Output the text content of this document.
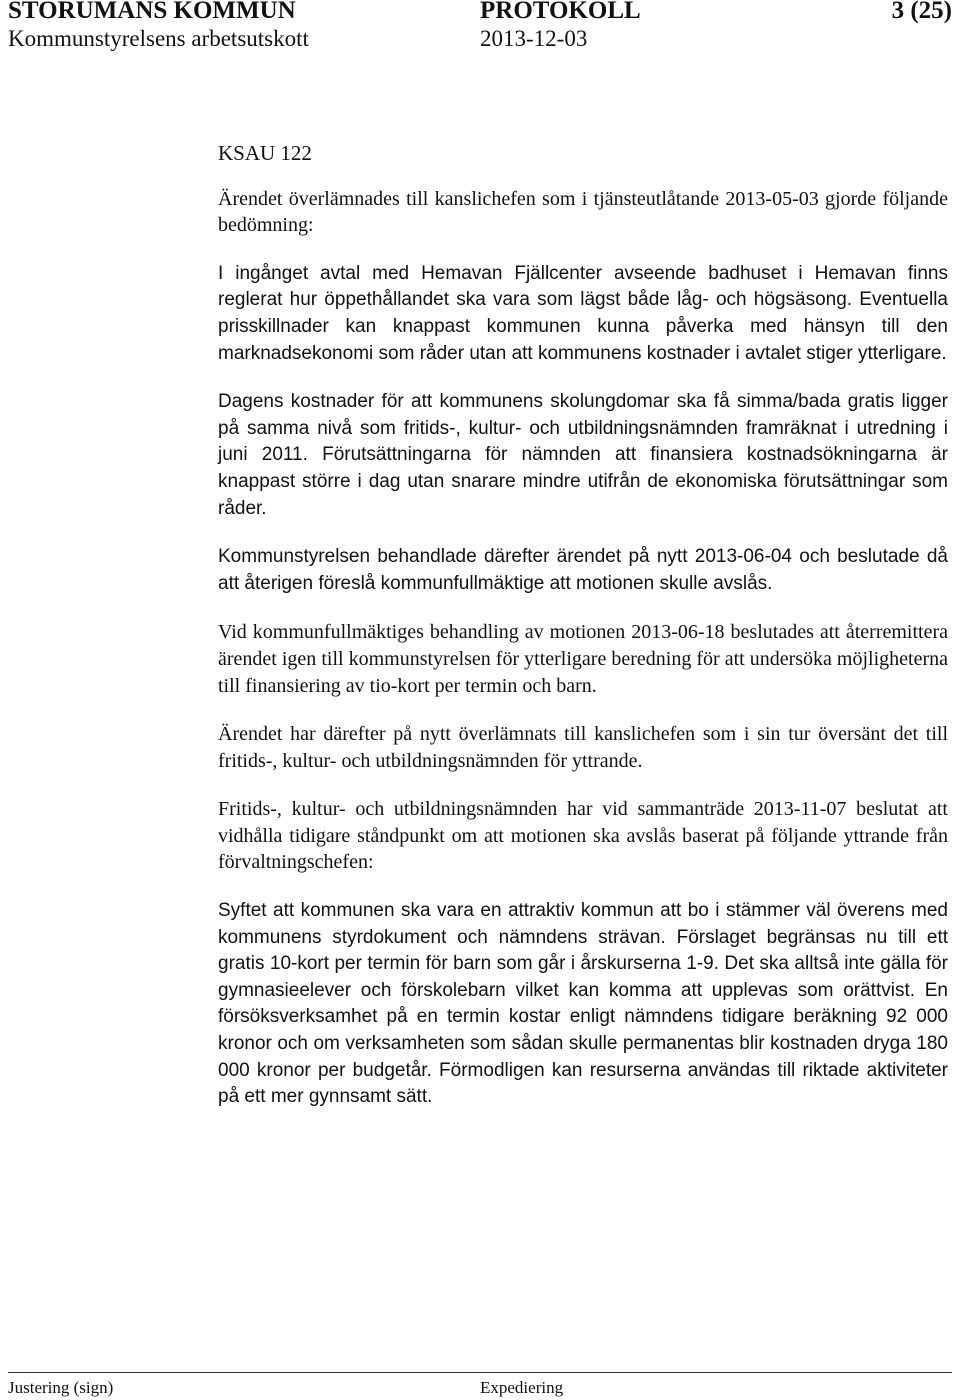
STORUMANS KOMMUN	PROTOKOLL	3 (25)
Kommunstyrelsens arbetsutskott	2013-12-03

KSAU 122

Ärendet överlämnades till kanslichefen som i tjänsteutlåtande 2013-05-03 gjorde följande bedömning:

I ingånget avtal med Hemavan Fjällcenter avseende badhuset i Hemavan finns reglerat hur öppethållandet ska vara som lägst både låg- och högsäsong. Eventuella prisskillnader kan knappast kommunen kunna påverka med hänsyn till den marknadsekonomi som råder utan att kommunens kostnader i avtalet stiger ytterligare.

Dagens kostnader för att kommunens skolungdomar ska få simma/bada gratis ligger på samma nivå som fritids-, kultur- och utbildningsnämnden framräknat i utredning i juni 2011. Förutsättningarna för nämnden att finansiera kostnadsökningarna är knappast större i dag utan snarare mindre utifrån de ekonomiska förutsättningar som råder.

Kommunstyrelsen behandlade därefter ärendet på nytt 2013-06-04 och beslutade då att återigen föreslå kommunfullmäktige att motionen skulle avslås.

Vid kommunfullmäktiges behandling av motionen 2013-06-18 beslutades att återremittera ärendet igen till kommunstyrelsen för ytterligare beredning för att undersöka möjligheterna till finansiering av tio-kort per termin och barn.

Ärendet har därefter på nytt överlämnats till kanslichefen som i sin tur översänt det till fritids-, kultur- och utbildningsnämnden för yttrande.

Fritids-, kultur- och utbildningsnämnden har vid sammanträde 2013-11-07 beslutat att vidhålla tidigare ståndpunkt om att motionen ska avslås baserat på följande yttrande från förvaltningschefen:

Syftet att kommunen ska vara en attraktiv kommun att bo i stämmer väl överens med kommunens styrdokument och nämndens strävan. Förslaget begränsas nu till ett gratis 10-kort per termin för barn som går i årskurserna 1-9. Det ska alltså inte gälla för gymnasieelever och förskolebarn vilket kan komma att upplevas som orättvist. En försöksverksamhet på en termin kostar enligt nämndens tidigare beräkning 92 000 kronor och om verksamheten som sådan skulle permanentas blir kostnaden dryga 180 000 kronor per budgetår. Förmodligen kan resurserna användas till riktade aktiviteter på ett mer gynnsamt sätt.

Justering (sign)	Expediering
